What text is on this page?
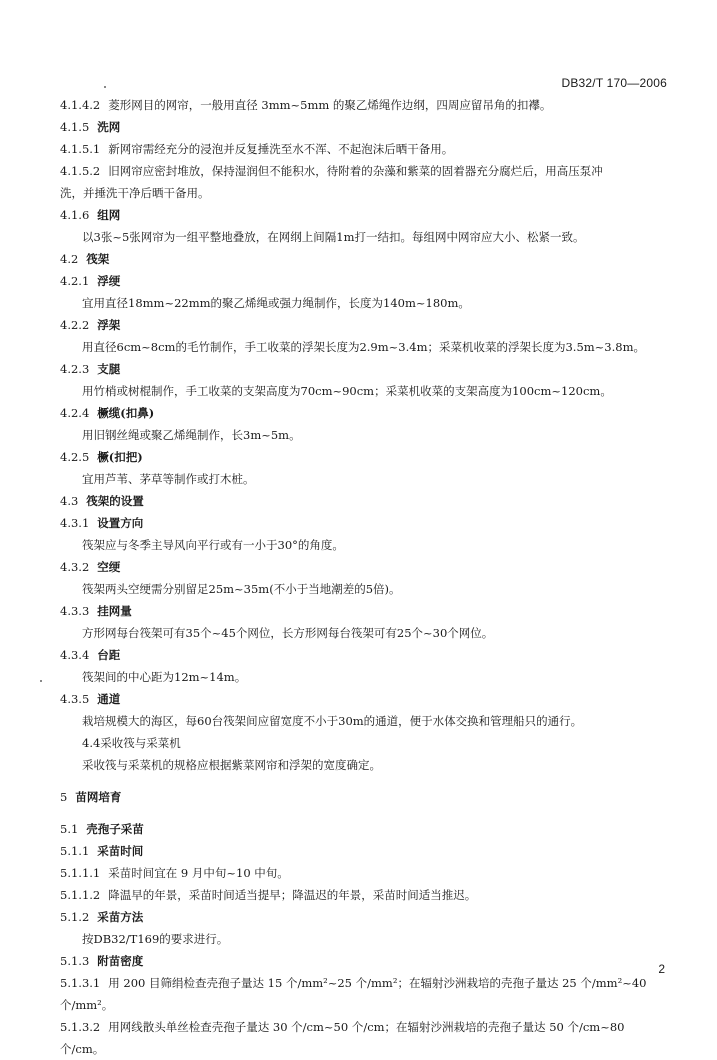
DB32/T 170—2006
4.1.4.2 菱形网目的网帘，一般用直径 3mm~5mm 的聚乙烯绳作边纲，四周应留吊角的扣襻。
4.1.5 洗网
4.1.5.1 新网帘需经充分的浸泡并反复捶洗至水不浑、不起泡沫后晒干备用。
4.1.5.2 旧网帘应密封堆放，保持湿润但不能积水，待附着的杂藻和紫菜的固着器充分腐烂后，用高压泵冲
洗，并捶洗干净后晒干备用。
4.1.6 组网
以3张~5张网帘为一组平整地叠放，在网纲上间隔1m打一结扣。每组网中网帘应大小、松紧一致。
4.2 筏架
4.2.1 浮绠
宜用直径18mm~22mm的聚乙烯绳或强力绳制作，长度为140m~180m。
4.2.2 浮架
用直径6cm~8cm的毛竹制作，手工收菜的浮架长度为2.9m~3.4m；采菜机收菜的浮架长度为3.5m~3.8m。
4.2.3 支腿
用竹梢或树棍制作，手工收菜的支架高度为70cm~90cm；采菜机收菜的支架高度为100cm~120cm。
4.2.4 橛缆(扣鼻)
用旧钢丝绳或聚乙烯绳制作，长3m~5m。
4.2.5 橛(扣把)
宜用芦苇、茅草等制作或打木桩。
4.3 筏架的设置
4.3.1 设置方向
筏架应与冬季主导风向平行或有一小于30°的角度。
4.3.2 空绠
筏架两头空绠需分别留足25m~35m(不小于当地潮差的5倍)。
4.3.3 挂网量
方形网每台筏架可有35个~45个网位，长方形网每台筏架可有25个~30个网位。
4.3.4 台距
筏架间的中心距为12m~14m。
4.3.5 通道
栽培规模大的海区，每60台筏架间应留宽度不小于30m的通道，便于水体交换和管理船只的通行。
4.4采收筏与采菜机
采收筏与采菜机的规格应根据紫菜网帘和浮架的宽度确定。
5 苗网培育
5.1 壳孢子采苗
5.1.1 采苗时间
5.1.1.1 采苗时间宜在 9 月中旬~10 中旬。
5.1.1.2 降温早的年景，采苗时间适当提早；降温迟的年景，采苗时间适当推迟。
5.1.2 采苗方法
按DB32/T169的要求进行。
5.1.3 附苗密度
5.1.3.1 用 200 目筛绢检查壳孢子量达 15 个/mm²~25 个/mm²；在辐射沙洲栽培的壳孢子量达 25 个/mm²~40
个/mm²。
5.1.3.2 用网线散头单丝检查壳孢子量达 30 个/cm~50 个/cm；在辐射沙洲栽培的壳孢子量达 50 个/cm~80
个/cm。
2
